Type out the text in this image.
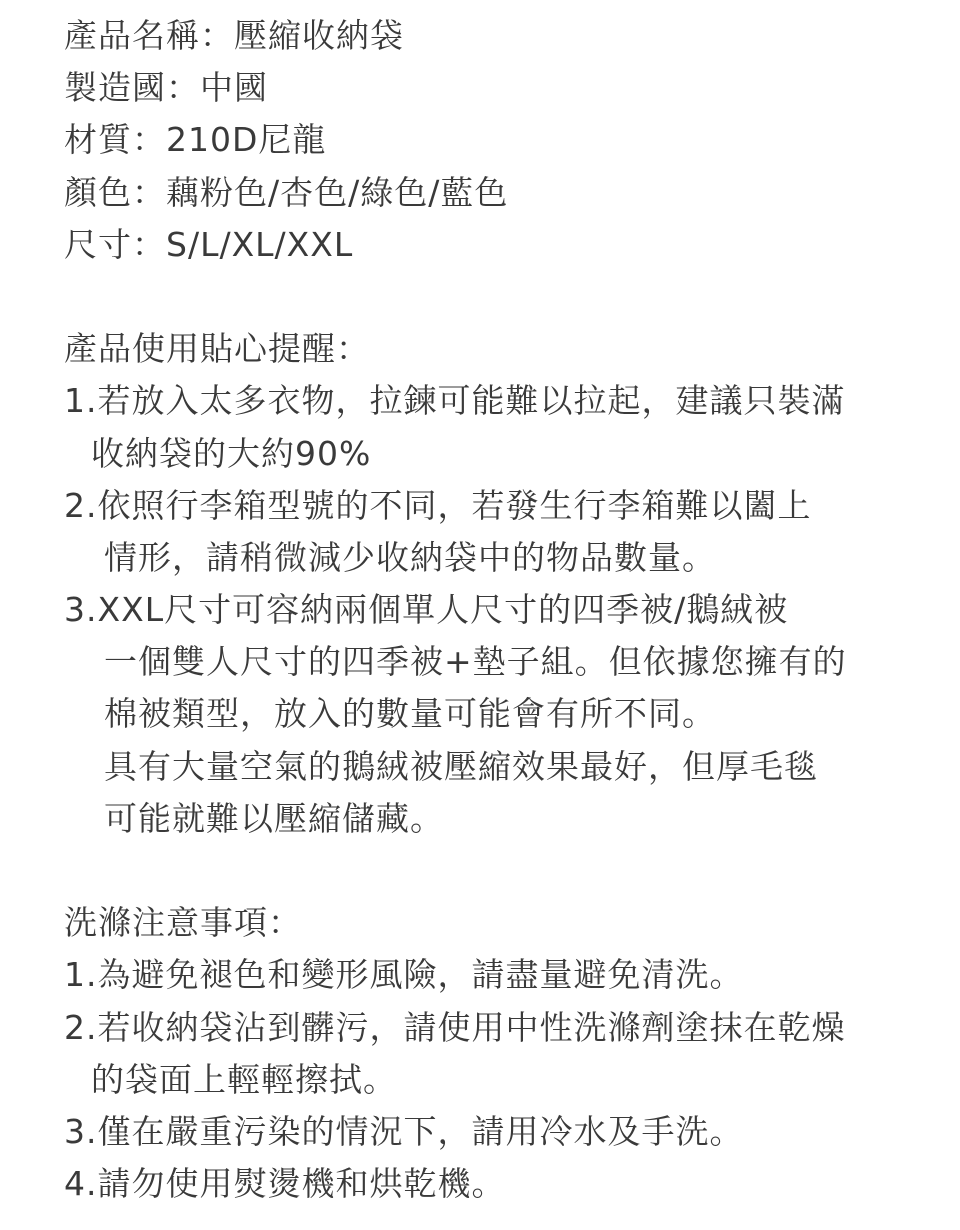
產品名稱：壓縮收納袋
製造國：中國
材質：210D尼龍
顏色：藕粉色/杏色/綠色/藍色
尺寸：S/L/XL/XXL
產品使用貼心提醒：
1.若放入太多衣物，拉鍊可能難以拉起，建議只裝滿
收納袋的大約90%
2.依照行李箱型號的不同，若發生行李箱難以闔上
情形，請稍微減少收納袋中的物品數量。
3.XXL尺寸可容納兩個單人尺寸的四季被/鵝絨被
一個雙人尺寸的四季被+墊子組。但依據您擁有的
棉被類型，放入的數量可能會有所不同。
具有大量空氣的鵝絨被壓縮效果最好，但厚毛毯
可能就難以壓縮儲藏。
洗滌注意事項：
1.為避免褪色和變形風險，請盡量避免清洗。
2.若收納袋沾到髒污，請使用中性洗滌劑塗抹在乾燥
的袋面上輕輕擦拭。
3.僅在嚴重污染的情況下，請用冷水及手洗。
4.請勿使用熨燙機和烘乾機。
